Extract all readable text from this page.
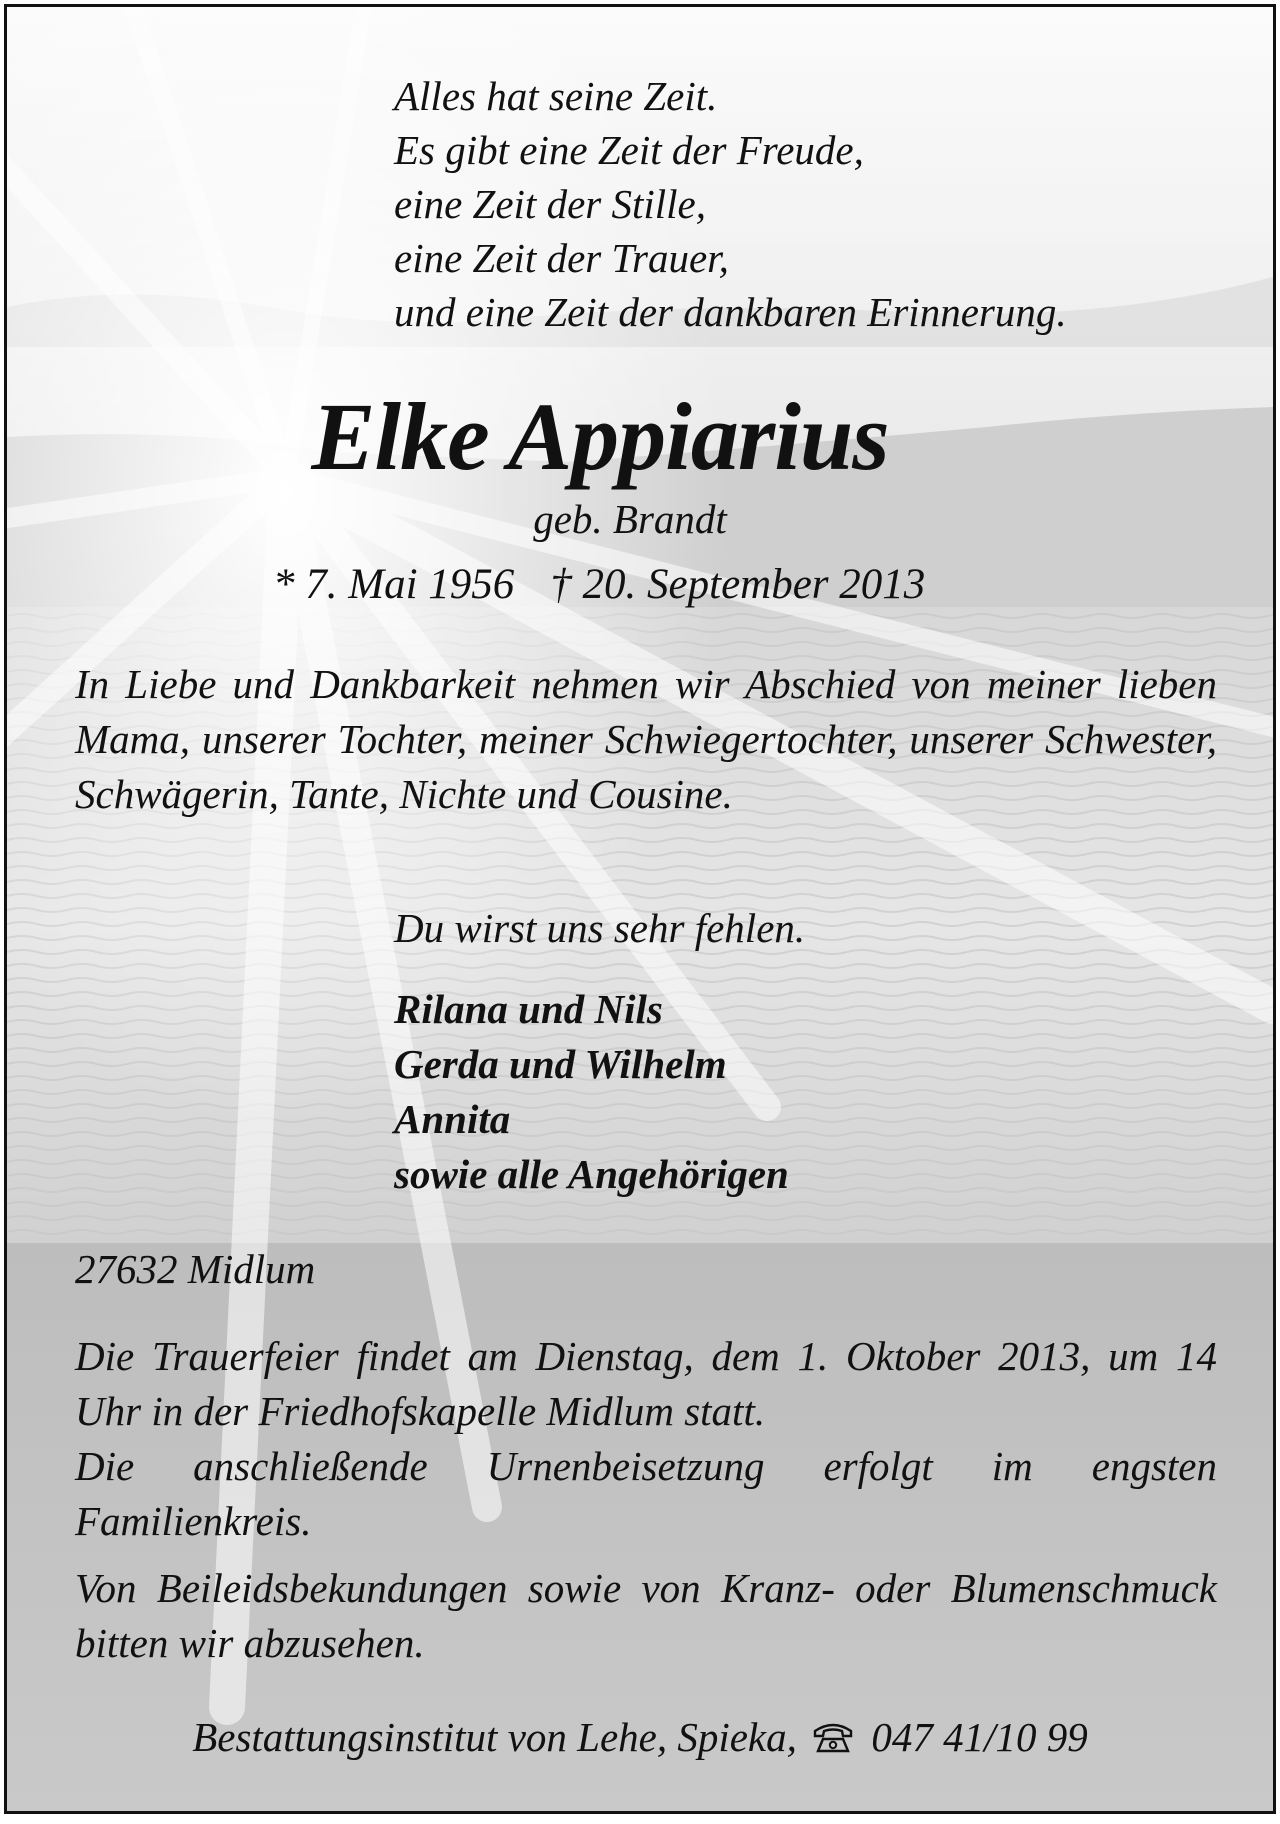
Alles hat seine Zeit.
Es gibt eine Zeit der Freude,
eine Zeit der Stille,
eine Zeit der Trauer,
und eine Zeit der dankbaren Erinnerung.
Elke Appiarius
geb. Brandt
* 7. Mai 1956 † 20. September 2013
In Liebe und Dankbarkeit nehmen wir Abschied von meiner lieben Mama, unserer Tochter, meiner Schwiegertochter, unserer Schwester, Schwägerin, Tante, Nichte und Cousine.
Du wirst uns sehr fehlen.
Rilana und Nils
Gerda und Wilhelm
Annita
sowie alle Angehörigen
27632 Midlum
Die Trauerfeier findet am Dienstag, dem 1. Oktober 2013, um 14 Uhr in der Friedhofskapelle Midlum statt.
Die anschließende Urnenbeisetzung erfolgt im engsten Familienkreis.
Von Beileidsbekundungen sowie von Kranz- oder Blumenschmuck bitten wir abzusehen.
Bestattungsinstitut von Lehe, Spieka, 047 41/10 99
